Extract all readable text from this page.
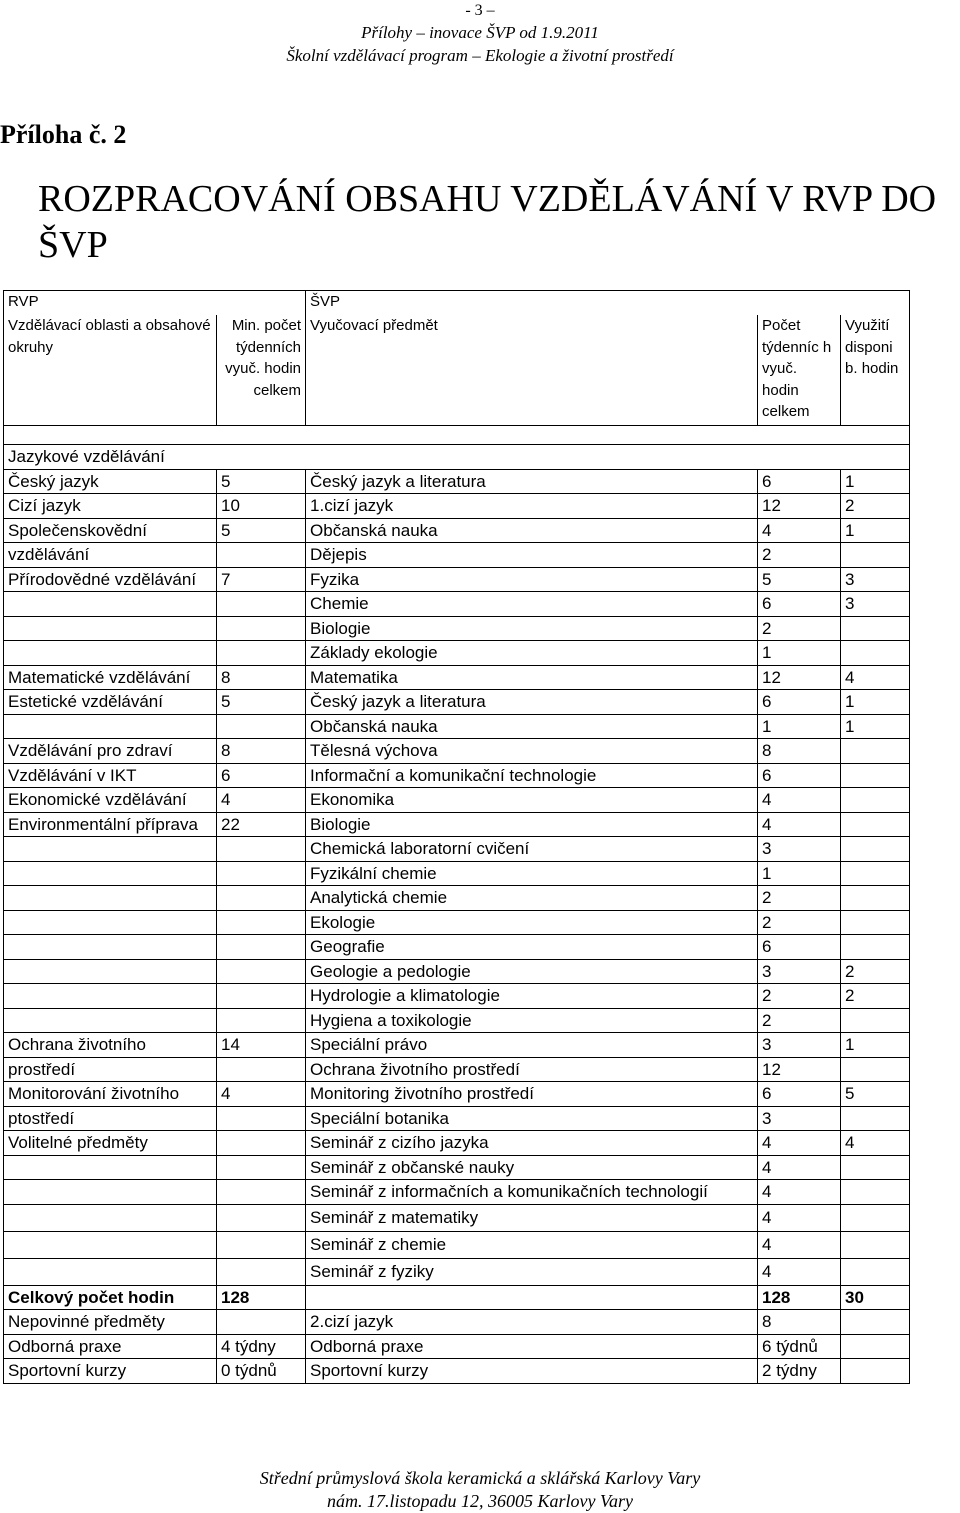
- 3 –
Přílohy – inovace ŠVP od 1.9.2011
Školní vzdělávací program – Ekologie a životní prostředí
Příloha č. 2
ROZPRACOVÁNÍ OBSAHU VZDĚLÁVÁNÍ V RVP DO ŠVP
RVP		ŠVP		
Vzdělávací oblasti a obsahové okruhy	Min. počet týdenních vyuč. hodin celkem	Vyučovací předmět	Počet týdenníc h vyuč. hodin celkem	Využití disponi b. hodin

Jazykové vzdělávání				
Český jazyk	5	Český jazyk a literatura	6	1
Cizí jazyk	10	1.cizí jazyk	12	2
Společenskovědní	5	Občanská nauka	4	1
vzdělávání		Dějepis	2	
Přírodovědné vzdělávání	7	Fyzika	5	3
		Chemie	6	3
		Biologie	2	
		Základy ekologie	1	
Matematické vzdělávání	8	Matematika	12	4
Estetické vzdělávání	5	Český jazyk a literatura	6	1
		Občanská nauka	1	1
Vzdělávání pro zdraví	8	Tělesná výchova	8	
Vzdělávání v IKT	6	Informační a komunikační technologie	6	
Ekonomické vzdělávání	4	Ekonomika	4	
Environmentální příprava	22	Biologie	4	
		Chemická laboratorní cvičení	3	
		Fyzikální chemie	1	
		Analytická chemie	2	
		Ekologie	2	
		Geografie	6	
		Geologie a pedologie	3	2
		Hydrologie a klimatologie	2	2
		Hygiena a toxikologie	2	
Ochrana životního	14	Speciální právo	3	1
prostředí		Ochrana životního prostředí	12	
Monitorování životního	4	Monitoring životního prostředí	6	5
ptostředí		Speciální botanika	3	
Volitelné předměty		Seminář z cizího jazyka	4	4
		Seminář z občanské nauky	4	
		Seminář z informačních a komunikačních technologií	4	
		Seminář z matematiky	4	
		Seminář z chemie	4	
		Seminář z fyziky	4	
Celkový počet hodin	128		128	30
Nepovinné předměty		2.cizí jazyk	8	
Odborná praxe	4 týdny	Odborná praxe	6 týdnů	
Sportovní kurzy	0 týdnů	Sportovní kurzy	2 týdny	
Střední průmyslová škola keramická a sklářská Karlovy Vary
nám. 17.listopadu 12, 36005 Karlovy Vary
